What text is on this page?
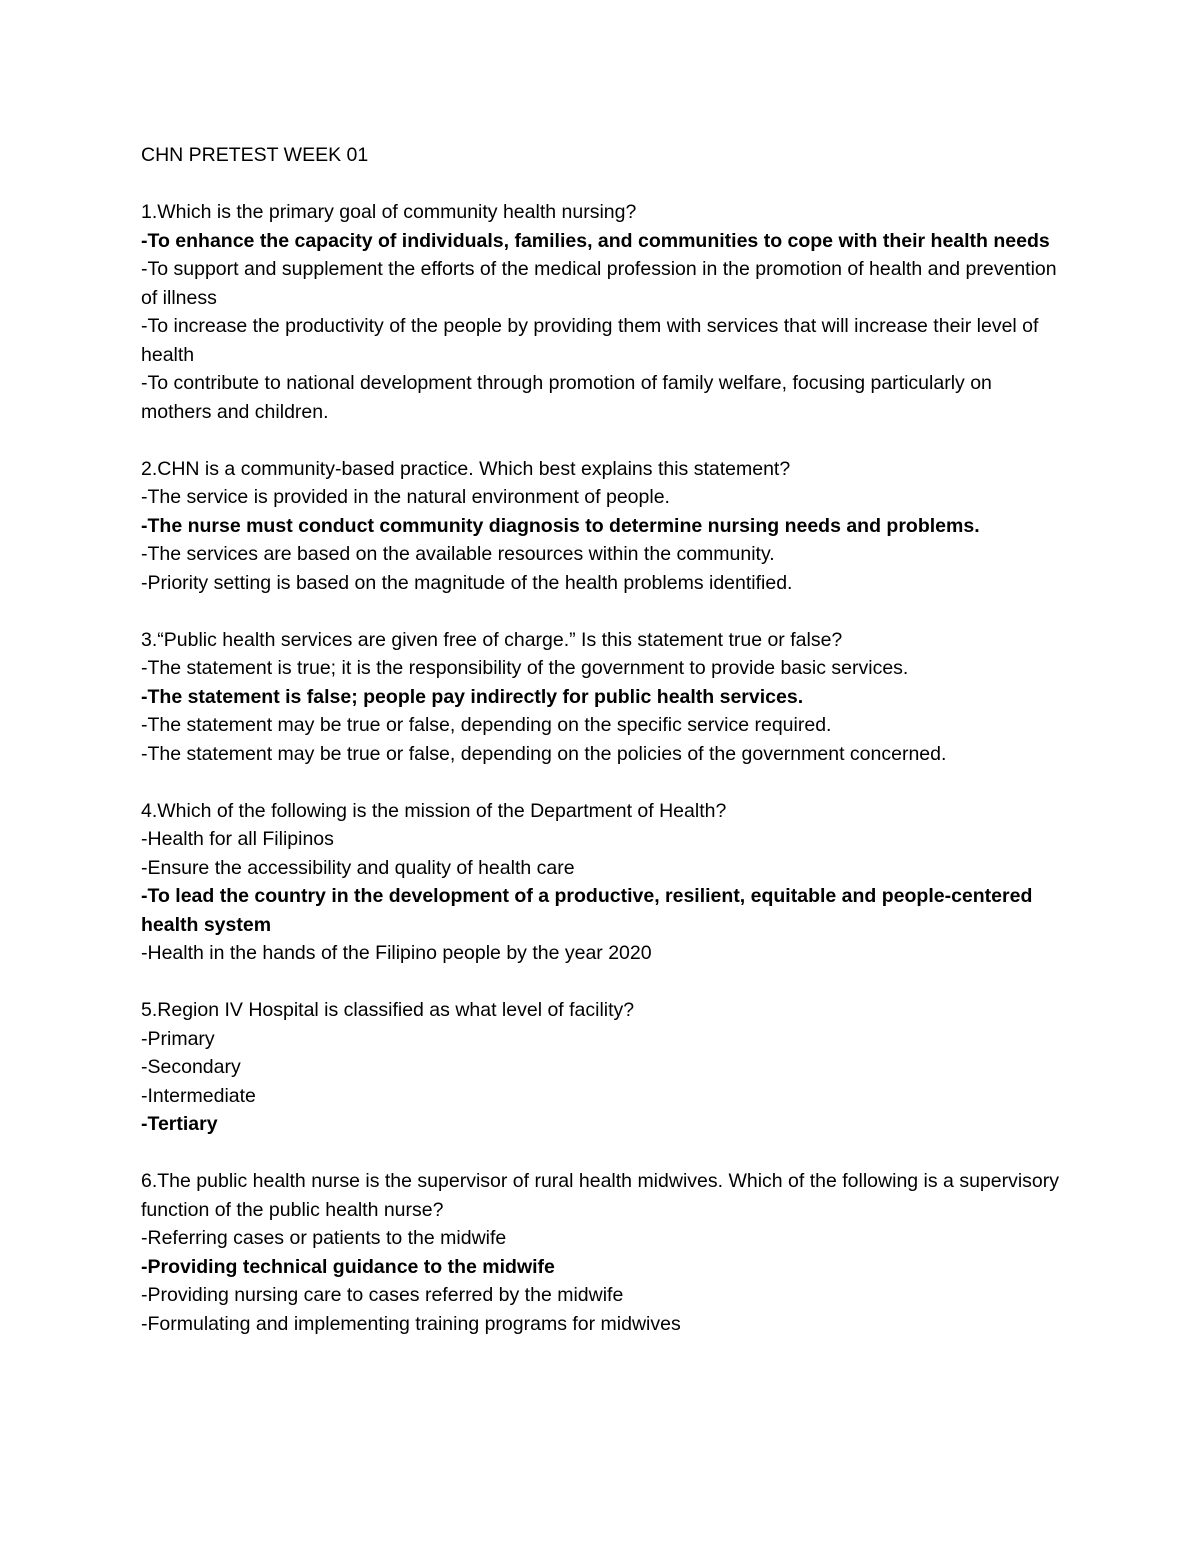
CHN PRETEST WEEK 01
1.Which is the primary goal of community health nursing?
-To enhance the capacity of individuals, families, and communities to cope with their health needs
-To support and supplement the efforts of the medical profession in the promotion of health and prevention of illness
-To increase the productivity of the people by providing them with services that will increase their level of health
-To contribute to national development through promotion of family welfare, focusing particularly on mothers and children.
2.CHN is a community-based practice. Which best explains this statement?
-The service is provided in the natural environment of people.
-The nurse must conduct community diagnosis to determine nursing needs and problems.
-The services are based on the available resources within the community.
-Priority setting is based on the magnitude of the health problems identified.
3.“Public health services are given free of charge.” Is this statement true or false?
-The statement is true; it is the responsibility of the government to provide basic services.
-The statement is false; people pay indirectly for public health services.
-The statement may be true or false, depending on the specific service required.
-The statement may be true or false, depending on the policies of the government concerned.
4.Which of the following is the mission of the Department of Health?
-Health for all Filipinos
-Ensure the accessibility and quality of health care
-To lead the country in the development of a productive, resilient, equitable and people-centered health system
-Health in the hands of the Filipino people by the year 2020
5.Region IV Hospital is classified as what level of facility?
-Primary
-Secondary
-Intermediate
-Tertiary
6.The public health nurse is the supervisor of rural health midwives. Which of the following is a supervisory function of the public health nurse?
-Referring cases or patients to the midwife
-Providing technical guidance to the midwife
-Providing nursing care to cases referred by the midwife
-Formulating and implementing training programs for midwives
